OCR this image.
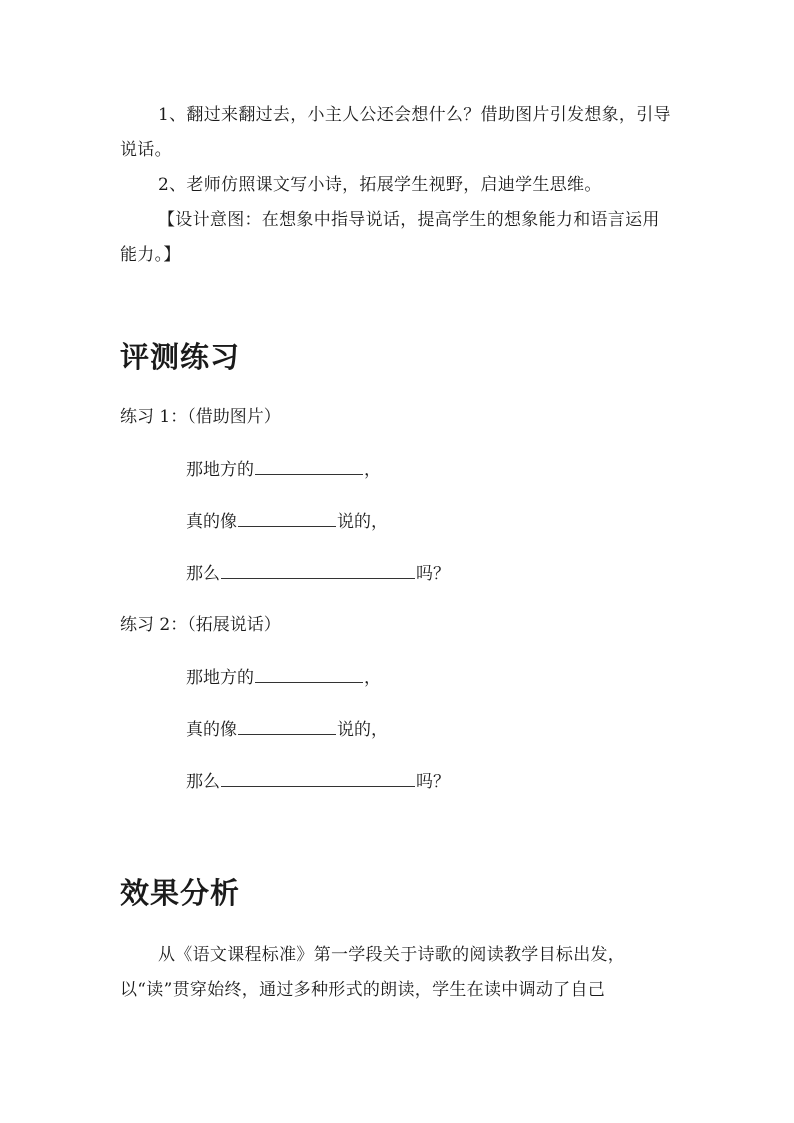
1、翻过来翻过去，小主人公还会想什么？借助图片引发想象，引导说话。

2、老师仿照课文写小诗，拓展学生视野，启迪学生思维。

【设计意图：在想象中指导说话，提高学生的想象能力和语言运用能力。】

评测练习

练习 1：（借助图片）

那地方的	，

真的像	说的，

那么	吗？

练习 2：（拓展说话）

那地方的	，

真的像	说的，

那么	吗？

效果分析

从《语文课程标准》第一学段关于诗歌的阅读教学目标出发，以“读”贯穿始终，通过多种形式的朗读，学生在读中调动了自己
